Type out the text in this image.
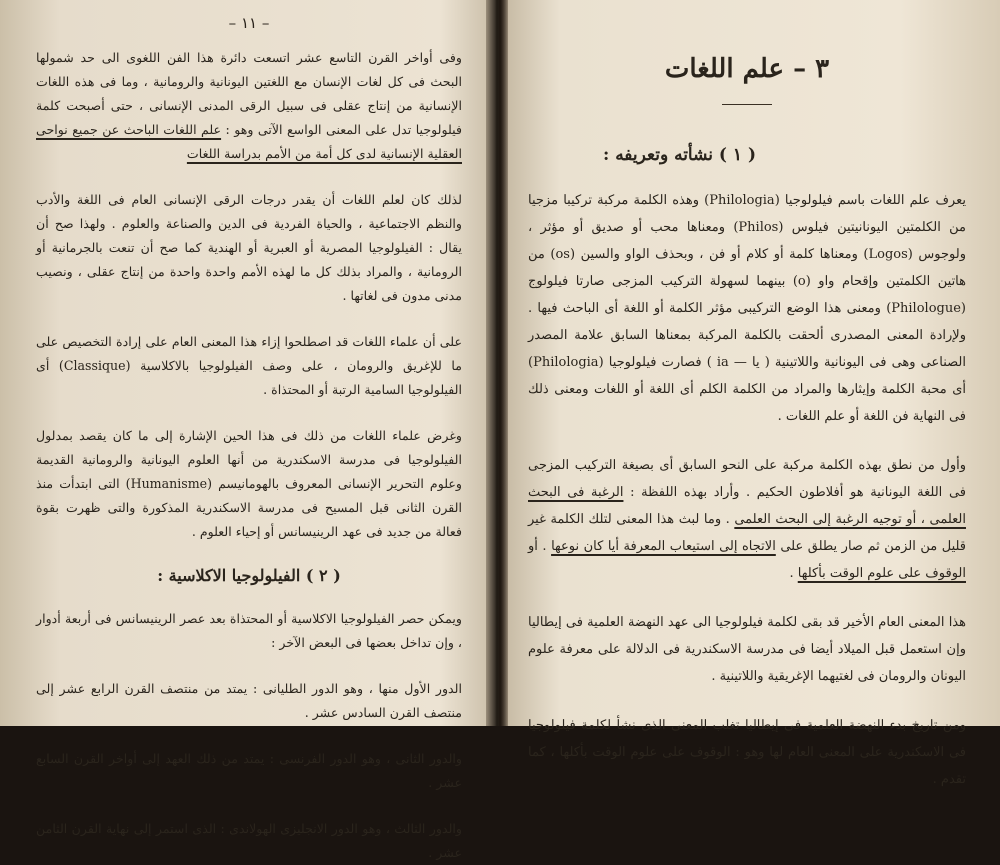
– ١١ –

وفى أواخر القرن التاسع عشر اتسعت دائرة هذا الفن اللغوى الى حد شمولها البحث فى كل لغات الإنسان مع اللغتين اليونانية والرومانية ، وما فى هذه اللغات الإنسانية من إنتاج عقلى فى سبيل الرقى المدنى الإنسانى ، حتى أصبحت كلمة فيلولوجيا تدل على المعنى الواسع الآتى وهو : علم اللغات الباحث عن جميع نواحى العقلية الإنسانية لدى كل أمة من الأمم بدراسة اللغات

لذلك كان لعلم اللغات أن يقدر درجات الرقى الإنسانى العام فى اللغة والأدب والنظم الاجتماعية ، والحياة الفردية فى الدين والصناعة والعلوم . ولهذا صح أن يقال : الفيلولوجيا المصرية أو العبرية أو الهندية كما صح أن تنعت بالجرمانية أو الرومانية ، والمراد بذلك كل ما لهذه الأمم واحدة واحدة من إنتاج عقلى ، ونصيب مدنى مدون فى لغاتها .

على أن علماء اللغات قد اصطلحوا إزاء هذا المعنى العام على إرادة التخصيص على ما للإغريق والرومان ، على وصف الفيلولوجيا بالاكلاسية (Classique) أى الفيلولوجيا السامية الرتبة أو المحتذاة .

وغرض علماء اللغات من ذلك فى هذا الحين الإشارة إلى ما كان يقصد بمدلول الفيلولوجيا فى مدرسة الاسكندرية من أنها العلوم اليونانية والرومانية القديمة وعلوم التحرير الإنسانى المعروف بالهومانيسم (Humanisme) التى ابتدأت منذ القرن الثانى قبل المسيح فى مدرسة الاسكندرية المذكورة والتى ظهرت بقوة فعالة من جديد فى عهد الرينيسانس أو إحياء العلوم .

( ٢ ) الفيلولوجيا الاكلاسية :

ويمكن حصر الفيلولوجيا الاكلاسية أو المحتذاة بعد عصر الرينيسانس فى أربعة أدوار ، وإن تداخل بعضها فى البعض الآخر :

الدور الأول منها ، وهو الدور الطليانى : يمتد من منتصف القرن الرابع عشر إلى منتصف القرن السادس عشر .

والدور الثانى ، وهو الدور الفرنسى : يمتد من ذلك العهد إلى أواخر القرن السابع عشر .

والدور الثالث ، وهو الدور الانجليزى الهولاندى : الذى استمر إلى نهاية القرن الثامن عشر .

٣ – علم اللغات
( ١ ) نشأته وتعريفه :

يعرف علم اللغات باسم فيلولوجيا (Philologia) وهذه الكلمة مركبة تركيبا مزجيا من الكلمتين اليونانيتين فيلوس (Philos) ومعناها محب أو صديق أو مؤثر ، ولوجوس (Logos) ومعناها كلمة أو كلام أو فن ، وبحذف الواو والسين (os) من هاتين الكلمتين وإقحام واو (o) بينهما لسهولة التركيب المزجى صارتا فيلولوج (Philologue) ومعنى هذا الوضع التركيبى مؤثر الكلمة أو اللغة أى الباحث فيها . ولإرادة المعنى المصدرى ألحقت بالكلمة المركبة بمعناها السابق علامة المصدر الصناعى وهى فى اليونانية واللاتينية ( يا — ia ) فصارت فيلولوجيا (Philologia) أى محبة الكلمة وإيثارها والمراد من الكلمة الكلم أى اللغة أو اللغات ومعنى ذلك فى النهاية فن اللغة أو علم اللغات .

وأول من نطق بهذه الكلمة مركبة على النحو السابق أى بصيغة التركيب المزجى فى اللغة اليونانية هو أفلاطون الحكيم . وأراد بهذه اللفظة : الرغبة فى البحث العلمى ، أو توجيه الرغبة إلى البحث العلمى . وما لبث هذا المعنى لتلك الكلمة غير قليل من الزمن ثم صار يطلق على الاتجاه إلى استيعاب المعرفة أيا كان نوعها . أو الوقوف على علوم الوقت بأكلها .

هذا المعنى العام الأخير قد بقى لكلمة فيلولوجيا الى عهد النهضة العلمية فى إيطاليا وإن استعمل قبل الميلاد أيضا فى مدرسة الاسكندرية فى الدلالة على معرفة علوم اليونان والرومان فى لغتيهما الإغريقية واللاتينية .

ومن تاريخ بدء النهضة العلمية فى إيطاليا تغلب المعنى الذى نشأ لكلمة فيلولوجيا فى الاسكندرية على المعنى العام لها وهو : الوقوف على علوم الوقت بأكلها ، كما تقدم .
